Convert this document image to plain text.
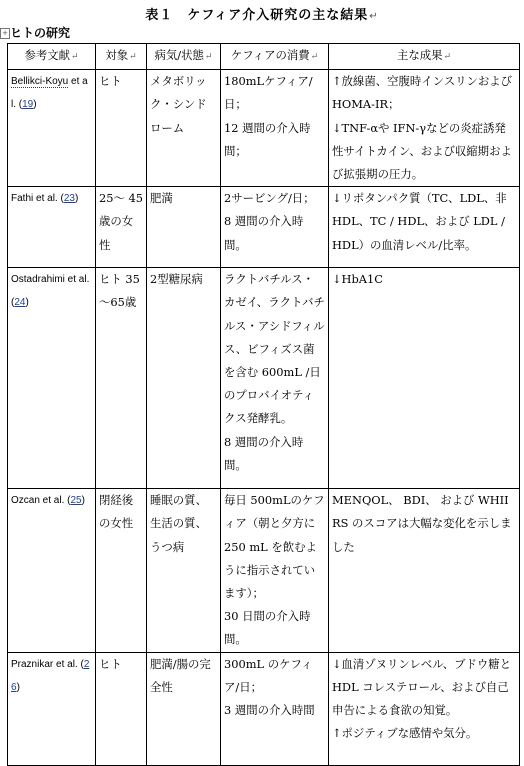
表１　ケフィア介入研究の主な結果↵
+ ヒトの研究
参考文献↵	対象↵	病気/状態↵	ケフィアの消費↵	主な成果↵
Bellikci-Koyu et al. (19)	ヒト	メタボリック・シンドローム	180mLケフィア/日；
12 週間の介入時間；	↑放線菌、空腹時インスリンおよび HOMA-IR；
↓TNF-αや IFN-γなどの炎症誘発性サイトカイン、および収縮期および拡張期の圧力。

Fathi et al. (23)	25～ 45 歳の女性	肥満	2サービング/日；
8 週間の介入時間。	↓リポタンパク質（TC、LDL、非 HDL、TC / HDL、および LDL / HDL）の血清レベル/比率。

Ostadrahimi et al. (24)	ヒト 35 ～65歳	2型糖尿病	ラクトバチルス・カゼイ、ラクトバチルス・アシドフィルス、ビフィズス菌を含む 600mL /日のプロバイオティクス発酵乳。
8 週間の介入時間。	↓HbA1C

Ozcan et al. (25)	閉経後の女性	睡眠の質、生活の質、うつ病	毎日 500mLのケフィア（朝と夕方に 250 mL を飲むように指示されています）；
30 日間の介入時間。	MENQOL、 BDI、 および WHIIRS のスコアは大幅な変化を示しました

Praznikar et al. (26)	ヒト	肥満/腸の完全性	300mL のケフィア/日；
3 週間の介入時間	↓血清ゾヌリンレベル、ブドウ糖と HDL コレステロール、および自己申告による食欲の知覚。
↑ポジティブな感情や気分。
